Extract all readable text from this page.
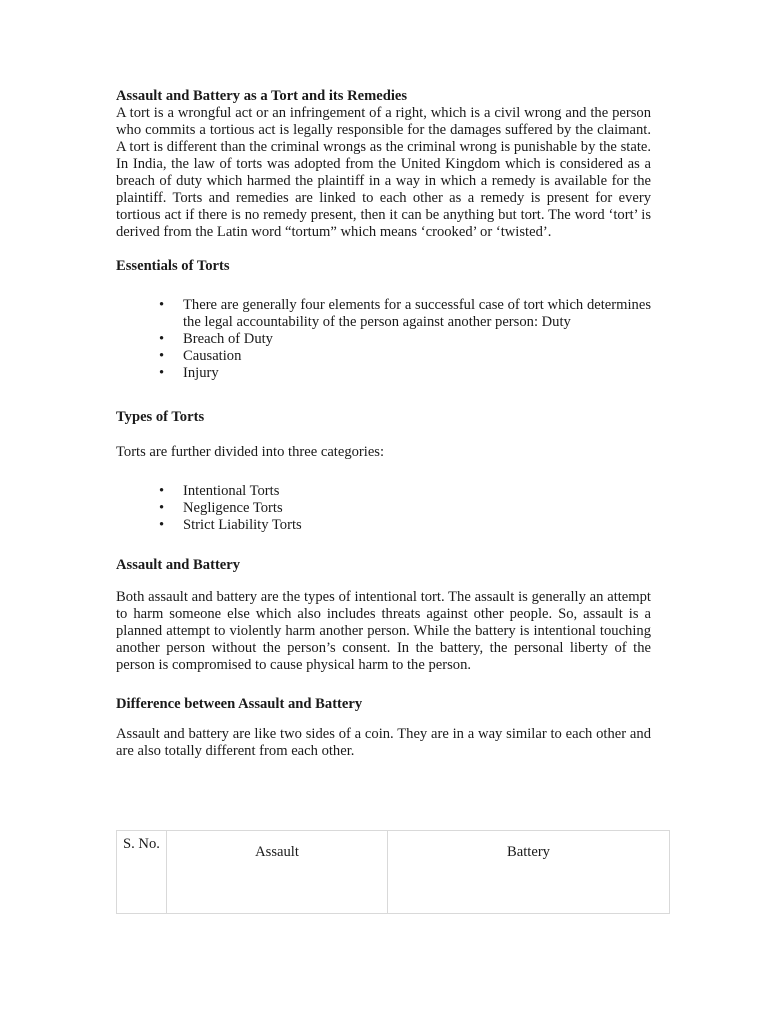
Assault and Battery as a Tort and its Remedies

A tort is a wrongful act or an infringement of a right, which is a civil wrong and the person who commits a tortious act is legally responsible for the damages suffered by the claimant. A tort is different than the criminal wrongs as the criminal wrong is punishable by the state. In India, the law of torts was adopted from the United Kingdom which is considered as a breach of duty which harmed the plaintiff in a way in which a remedy is available for the plaintiff. Torts and remedies are linked to each other as a remedy is present for every tortious act if there is no remedy present, then it can be anything but tort. The word ‘tort’ is derived from the Latin word “tortum” which means ‘crooked’ or ‘twisted’.

Essentials of Torts

• There are generally four elements for a successful case of tort which determines the legal accountability of the person against another person: Duty
• Breach of Duty
• Causation
• Injury

Types of Torts

Torts are further divided into three categories:

• Intentional Torts
• Negligence Torts
• Strict Liability Torts

Assault and Battery

Both assault and battery are the types of intentional tort. The assault is generally an attempt to harm someone else which also includes threats against other people. So, assault is a planned attempt to violently harm another person. While the battery is intentional touching another person without the person’s consent. In the battery, the personal liberty of the person is compromised to cause physical harm to the person.

Difference between Assault and Battery

Assault and battery are like two sides of a coin. They are in a way similar to each other and are also totally different from each other.

S. No.	Assault	Battery
